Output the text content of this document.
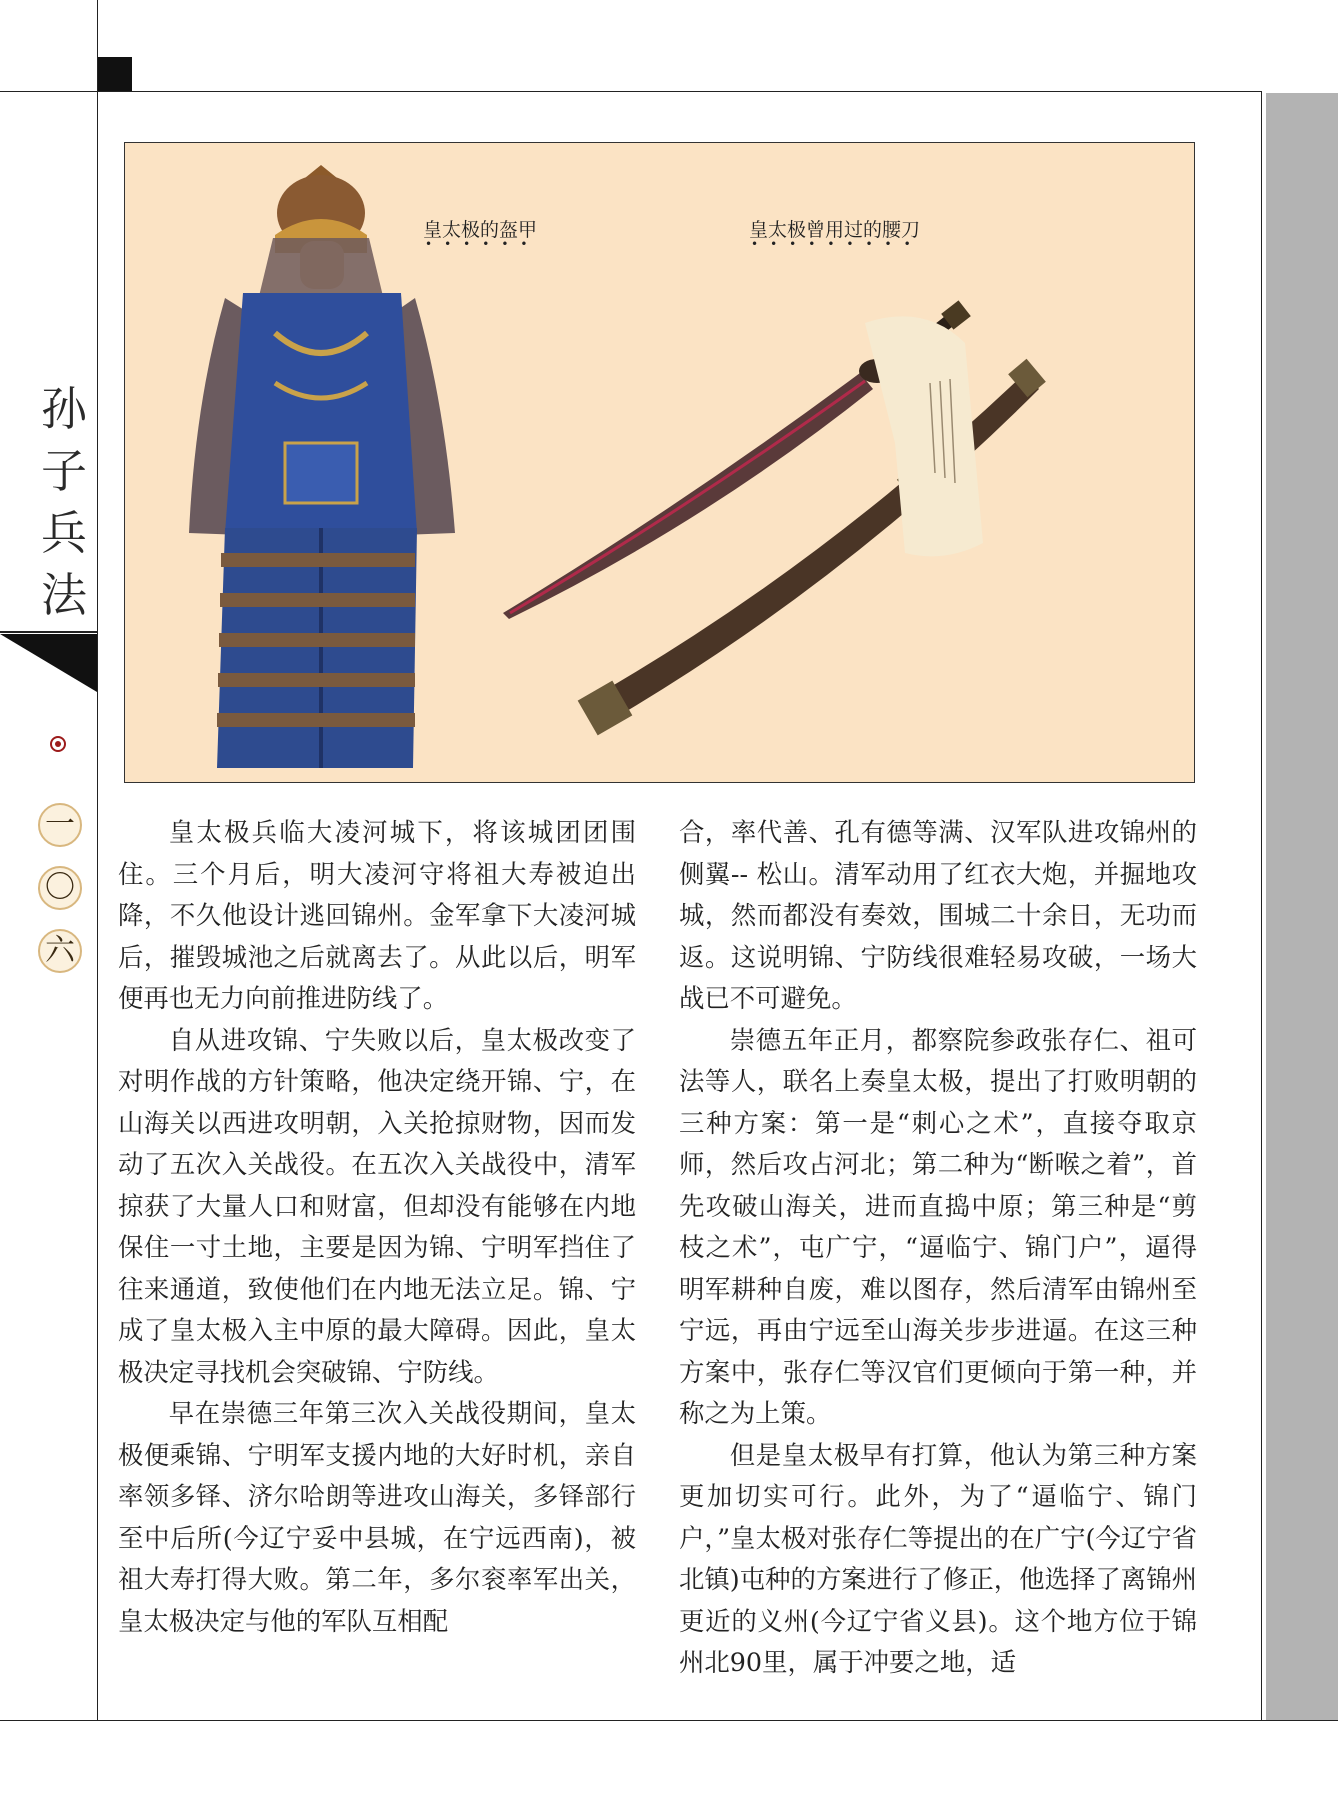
孙
子
兵
法
一
〇
六
皇太极的盔甲
••••••
皇太极曾用过的腰刀
•••••••••

皇太极兵临大凌河城下，将该城团团围住。三个月后，明大凌河守将祖大寿被迫出降，不久他设计逃回锦州。金军拿下大凌河城后，摧毁城池之后就离去了。从此以后，明军便再也无力向前推进防线了。

自从进攻锦、宁失败以后，皇太极改变了对明作战的方针策略，他决定绕开锦、宁，在山海关以西进攻明朝，入关抢掠财物，因而发动了五次入关战役。在五次入关战役中，清军掠获了大量人口和财富，但却没有能够在内地保住一寸土地，主要是因为锦、宁明军挡住了往来通道，致使他们在内地无法立足。锦、宁成了皇太极入主中原的最大障碍。因此，皇太极决定寻找机会突破锦、宁防线。

早在崇德三年第三次入关战役期间，皇太极便乘锦、宁明军支援内地的大好时机，亲自率领多铎、济尔哈朗等进攻山海关，多铎部行至中后所(今辽宁妥中县城，在宁远西南)，被祖大寿打得大败。第二年，多尔衮率军出关，皇太极决定与他的军队互相配

合，率代善、孔有德等满、汉军队进攻锦州的侧翼-- 松山。清军动用了红衣大炮，并掘地攻城，然而都没有奏效，围城二十余日，无功而返。这说明锦、宁防线很难轻易攻破，一场大战已不可避免。

崇德五年正月，都察院参政张存仁、祖可法等人，联名上奏皇太极，提出了打败明朝的三种方案：第一是“刺心之术”，直接夺取京师，然后攻占河北；第二种为“断喉之着”，首先攻破山海关，进而直捣中原；第三种是“剪枝之术”，屯广宁，“逼临宁、锦门户”，逼得明军耕种自废，难以图存，然后清军由锦州至宁远，再由宁远至山海关步步进逼。在这三种方案中，张存仁等汉官们更倾向于第一种，并称之为上策。

但是皇太极早有打算，他认为第三种方案更加切实可行。此外，为了“逼临宁、锦门户，”皇太极对张存仁等提出的在广宁(今辽宁省北镇)屯种的方案进行了修正，他选择了离锦州更近的义州(今辽宁省义县)。这个地方位于锦州北90里，属于冲要之地，适
